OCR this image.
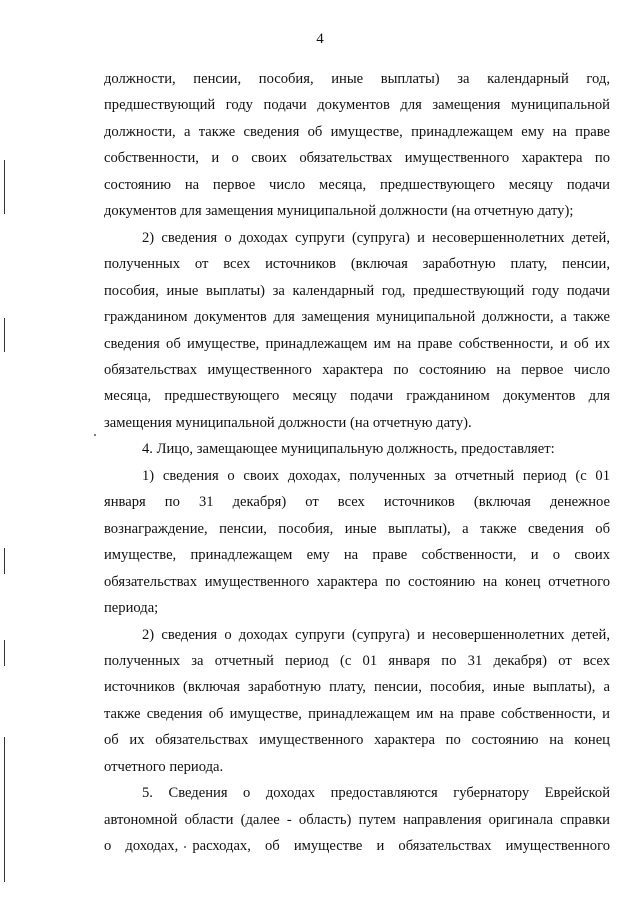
4

должности, пенсии, пособия, иные выплаты) за календарный год,

предшествующий году подачи документов для замещения муниципальной

должности, а также сведения об имуществе, принадлежащем ему на праве

собственности, и о своих обязательствах имущественного характера по

состоянию на первое число месяца, предшествующего месяцу подачи

документов для замещения муниципальной должности (на отчетную дату);

2) сведения о доходах супруги (супруга) и несовершеннолетних детей,

полученных от всех источников (включая заработную плату, пенсии,

пособия, иные выплаты) за календарный год, предшествующий году подачи

гражданином документов для замещения муниципальной должности, а также

сведения об имуществе, принадлежащем им на праве собственности, и об их

обязательствах имущественного характера по состоянию на первое число

месяца, предшествующего месяцу подачи гражданином документов для

замещения муниципальной должности (на отчетную дату).

4. Лицо, замещающее муниципальную должность, предоставляет:

1) сведения о своих доходах, полученных за отчетный период (с 01

января по 31 декабря) от всех источников (включая денежное

вознаграждение, пенсии, пособия, иные выплаты), а также сведения об

имуществе, принадлежащем ему на праве собственности, и о своих

обязательствах имущественного характера по состоянию на конец отчетного

периода;

2) сведения о доходах супруги (супруга) и несовершеннолетних детей,

полученных за отчетный период (с 01 января по 31 декабря) от всех

источников (включая заработную плату, пенсии, пособия, иные выплаты), а

также сведения об имуществе, принадлежащем им на праве собственности, и

об их обязательствах имущественного характера по состоянию на конец

отчетного периода.

5. Сведения о доходах предоставляются губернатору Еврейской

автономной области (далее - область) путем направления оригинала справки

о доходах, расходах, об имуществе и обязательствах имущественного
